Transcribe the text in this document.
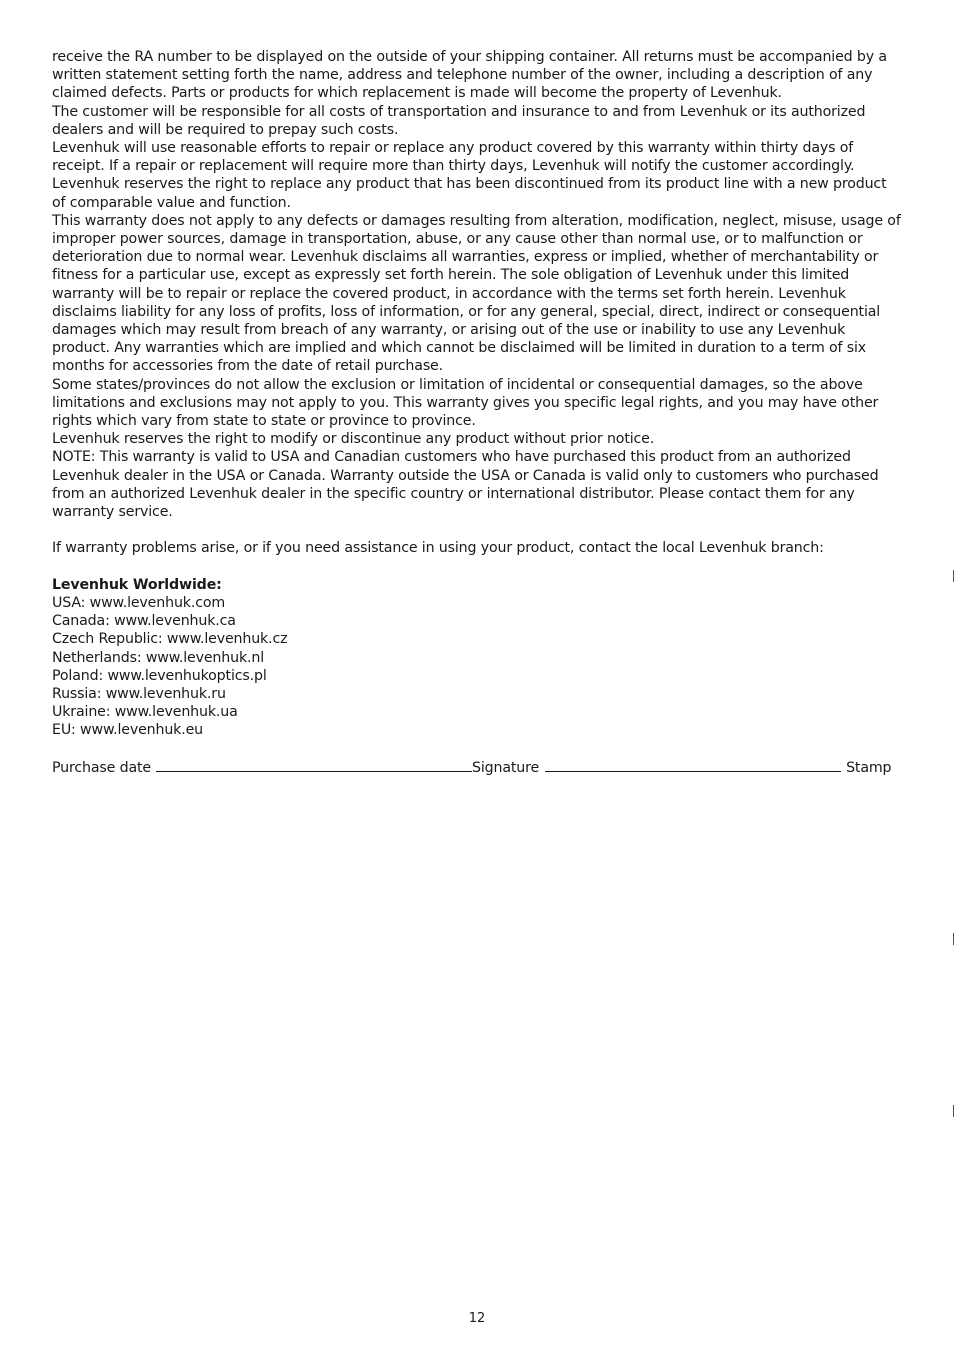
receive the RA number to be displayed on the outside of your shipping container. All returns must be accompanied by a written statement setting forth the name, address and telephone number of the owner, including a description of any claimed defects. Parts or products for which replacement is made will become the property of Levenhuk.

The customer will be responsible for all costs of transportation and insurance to and from Levenhuk or its authorized dealers and will be required to prepay such costs.

Levenhuk will use reasonable efforts to repair or replace any product covered by this warranty within thirty days of receipt. If a repair or replacement will require more than thirty days, Levenhuk will notify the customer accordingly. Levenhuk reserves the right to replace any product that has been discontinued from its product line with a new product of comparable value and function.

This warranty does not apply to any defects or damages resulting from alteration, modification, neglect, misuse, usage of improper power sources, damage in transportation, abuse, or any cause other than normal use, or to malfunction or deterioration due to normal wear. Levenhuk disclaims all warranties, express or implied, whether of merchantability or fitness for a particular use, except as expressly set forth herein. The sole obligation of Levenhuk under this limited warranty will be to repair or replace the covered product, in accordance with the terms set forth herein. Levenhuk disclaims liability for any loss of profits, loss of information, or for any general, special, direct, indirect or consequential damages which may result from breach of any warranty, or arising out of the use or inability to use any Levenhuk product. Any warranties which are implied and which cannot be disclaimed will be limited in duration to a term of six months for accessories from the date of retail purchase.

Some states/provinces do not allow the exclusion or limitation of incidental or consequential damages, so the above limitations and exclusions may not apply to you. This warranty gives you specific legal rights, and you may have other rights which vary from state to state or province to province.

Levenhuk reserves the right to modify or discontinue any product without prior notice.

NOTE: This warranty is valid to USA and Canadian customers who have purchased this product from an authorized Levenhuk dealer in the USA or Canada. Warranty outside the USA or Canada is valid only to customers who purchased from an authorized Levenhuk dealer in the specific country or international distributor. Please contact them for any warranty service.

If warranty problems arise, or if you need assistance in using your product, contact the local Levenhuk branch:

Levenhuk Worldwide:
USA: www.levenhuk.com
Canada: www.levenhuk.ca
Czech Republic: www.levenhuk.cz
Netherlands: www.levenhuk.nl
Poland: www.levenhukoptics.pl
Russia: www.levenhuk.ru
Ukraine: www.levenhuk.ua
EU: www.levenhuk.eu
Purchase date	Signature	Stamp
12
